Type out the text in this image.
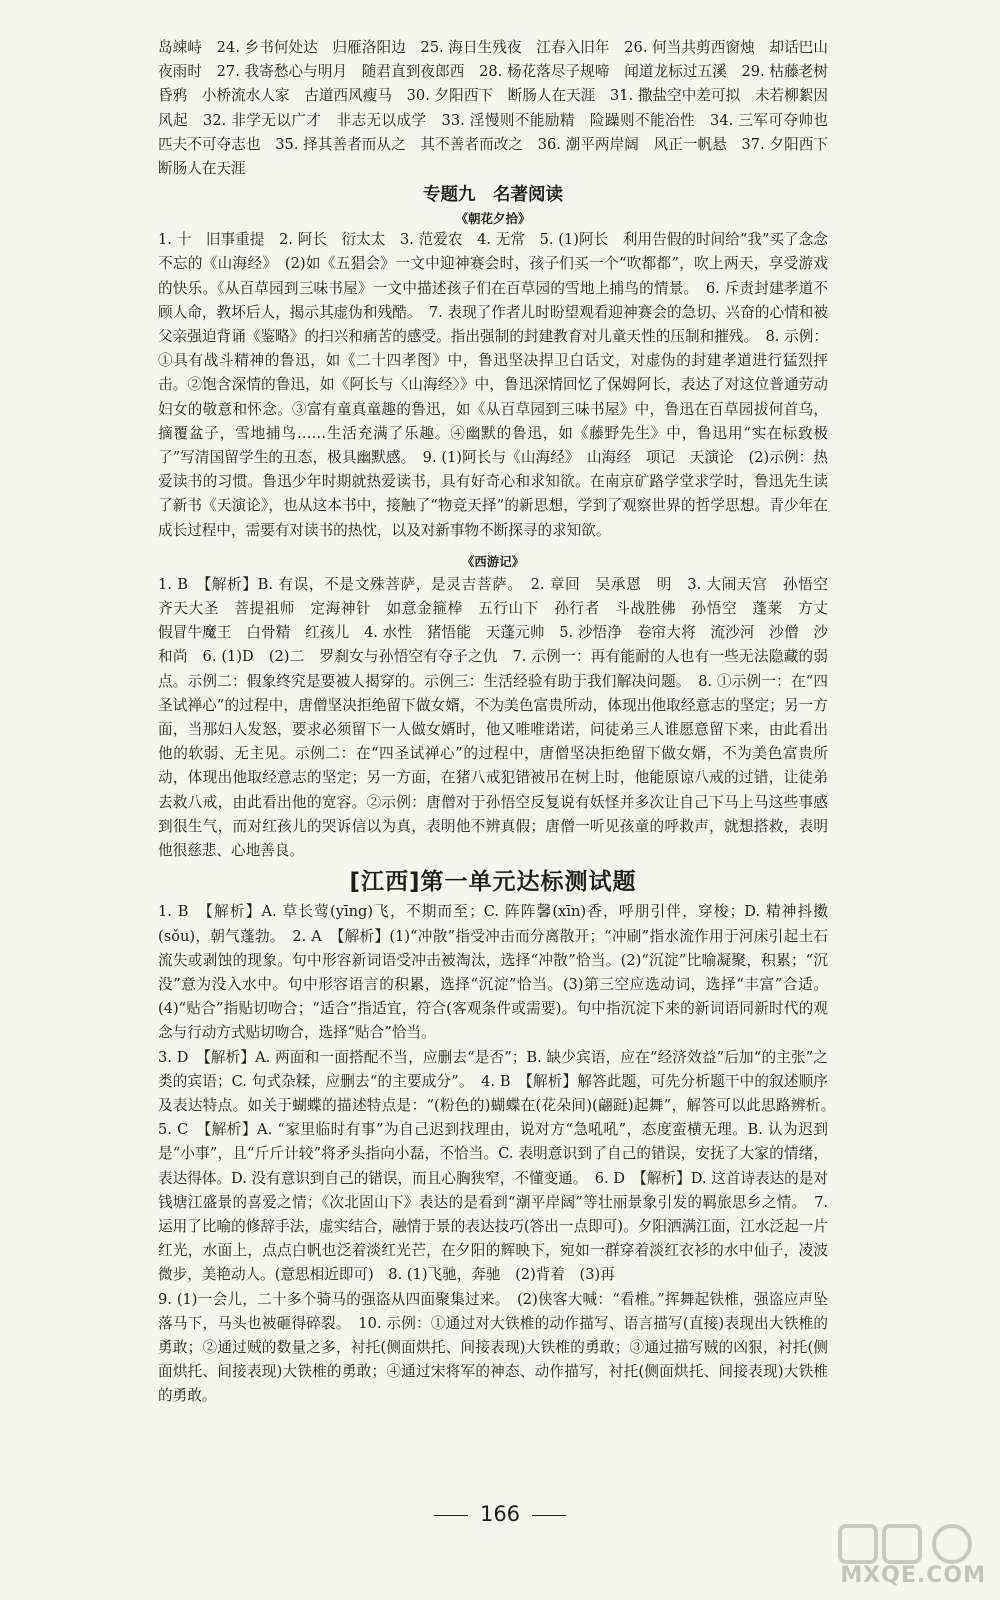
岛竦峙　24. 乡书何处达　归雁洛阳边　25. 海日生残夜　江春入旧年　26. 何当共剪西窗烛　却话巴山夜雨时　27. 我寄愁心与明月　随君直到夜郎西　28. 杨花落尽子规啼　闻道龙标过五溪　29. 枯藤老树昏鸦　小桥流水人家　古道西风瘦马　30. 夕阳西下　断肠人在天涯　31. 撒盐空中差可拟　未若柳絮因风起　32. 非学无以广才　非志无以成学　33. 淫慢则不能励精　险躁则不能冶性　34. 三军可夺帅也　匹夫不可夺志也　35. 择其善者而从之　其不善者而改之　36. 潮平两岸阔　风正一帆悬　37. 夕阳西下　断肠人在天涯

专题九　名著阅读

《朝花夕拾》

1. 十　旧事重提　2. 阿长　衍太太　3. 范爱农　4. 无常　5. (1)阿长　利用告假的时间给“我”买了念念不忘的《山海经》　(2)如《五猖会》一文中迎神赛会时，孩子们买一个“吹都都”，吹上两天，享受游戏的快乐。《从百草园到三味书屋》一文中描述孩子们在百草园的雪地上捕鸟的情景。　6. 斥责封建孝道不顾人命，教坏后人，揭示其虚伪和残酷。　7. 表现了作者儿时盼望观看迎神赛会的急切、兴奋的心情和被父亲强迫背诵《鉴略》的扫兴和痛苦的感受。指出强制的封建教育对儿童天性的压制和摧残。　8. 示例：①具有战斗精神的鲁迅，如《二十四孝图》中，鲁迅坚决捍卫白话文，对虚伪的封建孝道进行猛烈抨击。②饱含深情的鲁迅，如《阿长与〈山海经〉》中，鲁迅深情回忆了保姆阿长，表达了对这位普通劳动妇女的敬意和怀念。③富有童真童趣的鲁迅，如《从百草园到三味书屋》中，鲁迅在百草园拔何首乌，摘覆盆子，雪地捕鸟……生活充满了乐趣。④幽默的鲁迅，如《藤野先生》中，鲁迅用“实在标致极了”写清国留学生的丑态，极具幽默感。　9. (1)阿长与《山海经》　山海经　项记　天演论　(2)示例：热爱读书的习惯。鲁迅少年时期就热爱读书，具有好奇心和求知欲。在南京矿路学堂求学时，鲁迅先生读了新书《天演论》，也从这本书中，接触了“物竞天择”的新思想，学到了观察世界的哲学思想。青少年在成长过程中，需要有对读书的热忱，以及对新事物不断探寻的求知欲。

《西游记》

1. B　【解析】B. 有误，不是文殊菩萨，是灵吉菩萨。　2. 章回　吴承恩　明　3. 大闹天宫　孙悟空　齐天大圣　菩提祖师　定海神针　如意金箍棒　五行山下　孙行者　斗战胜佛　孙悟空　蓬莱　方丈　假冒牛魔王　白骨精　红孩儿　4. 水性　猪悟能　天蓬元帅　5. 沙悟净　卷帘大将　流沙河　沙僧　沙和尚　6. (1)D　(2)二　罗刹女与孙悟空有夺子之仇　7. 示例一：再有能耐的人也有一些无法隐藏的弱点。示例二：假象终究是要被人揭穿的。示例三：生活经验有助于我们解决问题。　8. ①示例一：在“四圣试禅心”的过程中，唐僧坚决拒绝留下做女婿，不为美色富贵所动，体现出他取经意志的坚定；另一方面，当那妇人发怒，要求必须留下一人做女婿时，他又唯唯诺诺，问徒弟三人谁愿意留下来，由此看出他的软弱、无主见。示例二：在“四圣试禅心”的过程中，唐僧坚决拒绝留下做女婿，不为美色富贵所动，体现出他取经意志的坚定；另一方面，在猪八戒犯错被吊在树上时，他能原谅八戒的过错，让徒弟去救八戒，由此看出他的宽容。②示例：唐僧对于孙悟空反复说有妖怪并多次让自己下马上马这些事感到很生气，而对红孩儿的哭诉信以为真，表明他不辨真假；唐僧一听见孩童的呼救声，就想搭救，表明他很慈悲、心地善良。

[江西]第一单元达标测试题

1. B　【解析】A. 草长莺(yīng)飞，不期而至；C. 阵阵馨(xīn)香，呼朋引伴，穿梭；D. 精神抖擞(sǒu)，朝气蓬勃。　2. A　【解析】(1)“冲散”指受冲击而分离散开；“冲刷”指水流作用于河床引起土石流失或剥蚀的现象。句中形容新词语受冲击被淘汰，选择“冲散”恰当。(2)“沉淀”比喻凝聚，积累；“沉没”意为没入水中。句中形容语言的积累，选择“沉淀”恰当。(3)第三空应选动词，选择“丰富”合适。(4)“贴合”指贴切吻合；“适合”指适宜，符合(客观条件或需要)。句中指沉淀下来的新词语同新时代的观念与行动方式贴切吻合，选择“贴合”恰当。

3. D　【解析】A. 两面和一面搭配不当，应删去“是否”；B. 缺少宾语，应在“经济效益”后加“的主张”之类的宾语；C. 句式杂糅，应删去“的主要成分”。　4. B　【解析】解答此题，可先分析题干中的叙述顺序及表达特点。如关于蝴蝶的描述特点是：“(粉色的)蝴蝶在(花朵间)(翩跹)起舞”，解答可以此思路辨析。　5. C　【解析】A. “家里临时有事”为自己迟到找理由，说对方“急吼吼”，态度蛮横无理。B. 认为迟到是“小事”，且“斤斤计较”将矛头指向小磊，不恰当。C. 表明意识到了自己的错误，安抚了大家的情绪，表达得体。D. 没有意识到自己的错误，而且心胸狭窄，不懂变通。　6. D　【解析】D. 这首诗表达的是对钱塘江盛景的喜爱之情；《次北固山下》表达的是看到“潮平岸阔”等壮丽景象引发的羁旅思乡之情。　7. 运用了比喻的修辞手法，虚实结合，融情于景的表达技巧(答出一点即可)。夕阳洒满江面，江水泛起一片红光，水面上，点点白帆也泛着淡红光芒，在夕阳的辉映下，宛如一群穿着淡红衣衫的水中仙子，凌波微步，美艳动人。(意思相近即可)　8. (1)飞驰，奔驰　(2)背着　(3)再

9. (1)一会儿，二十多个骑马的强盗从四面聚集过来。　(2)侠客大喊：“看椎。”挥舞起铁椎，强盗应声坠落马下，马头也被砸得碎裂。　10. 示例：①通过对大铁椎的动作描写、语言描写(直接)表现出大铁椎的勇敢；②通过贼的数量之多，衬托(侧面烘托、间接表现)大铁椎的勇敢；③通过描写贼的凶狠，衬托(侧面烘托、间接表现)大铁椎的勇敢；④通过宋将军的神态、动作描写，衬托(侧面烘托、间接表现)大铁椎的勇敢。

166
MXQE.COM
